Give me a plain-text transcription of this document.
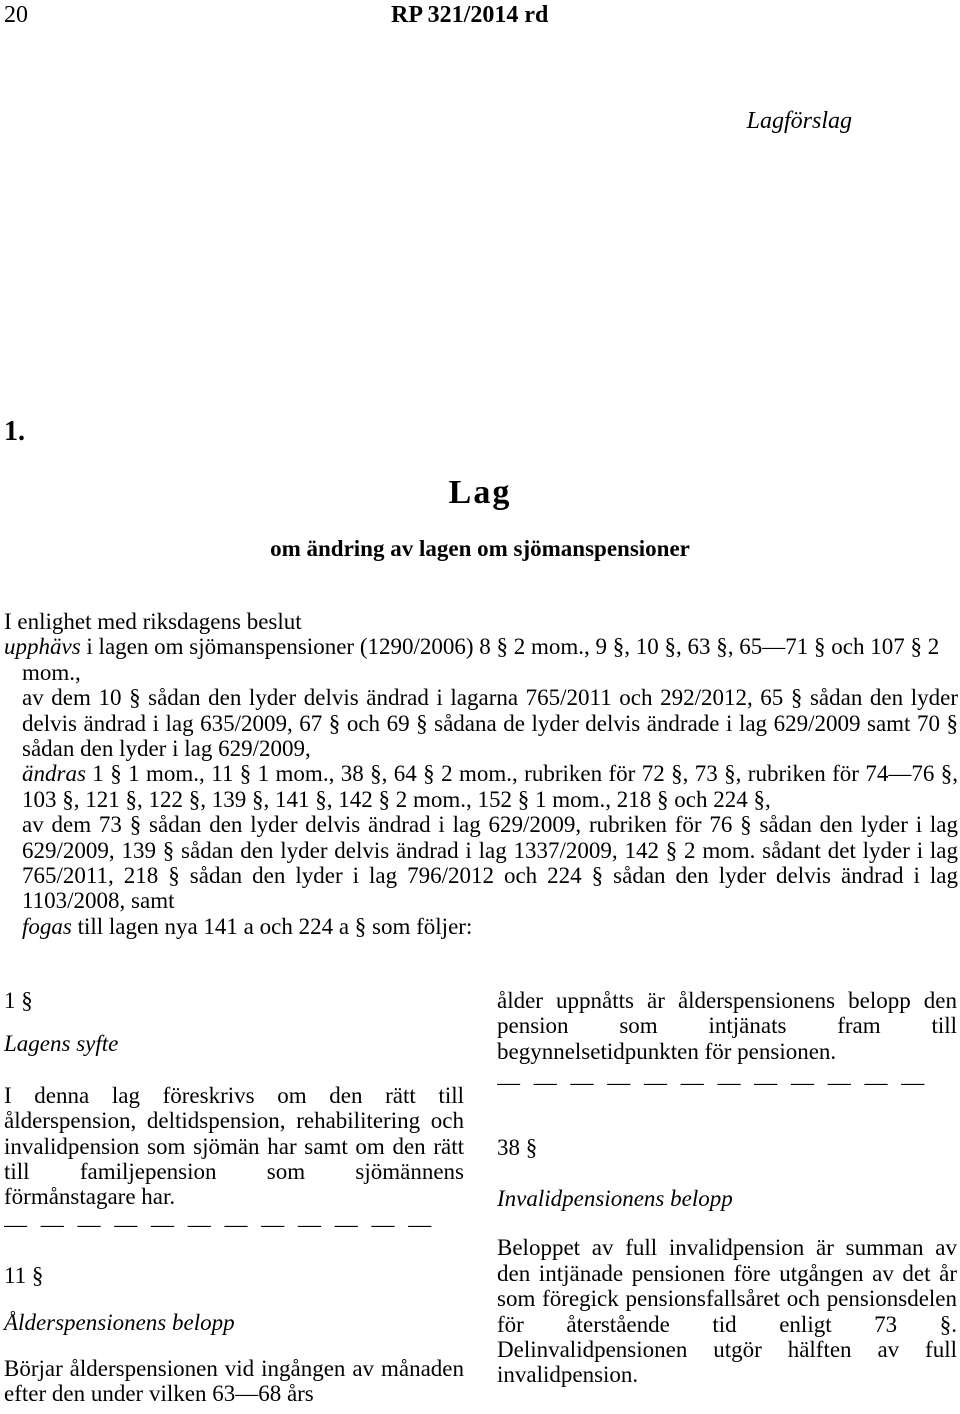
20	RP 321/2014 rd
Lagförslag
1.
Lag
om ändring av lagen om sjömanspensioner

I enlighet med riksdagens beslut

upphävs i lagen om sjömanspensioner (1290/2006) 8 § 2 mom., 9 §, 10 §, 63 §, 65—71 § och 107 § 2 mom.,

av dem 10 § sådan den lyder delvis ändrad i lagarna 765/2011 och 292/2012, 65 § sådan den lyder delvis ändrad i lag 635/2009, 67 § och 69 § sådana de lyder delvis ändrade i lag 629/2009 samt 70 § sådan den lyder i lag 629/2009,

ändras 1 § 1 mom., 11 § 1 mom., 38 §, 64 § 2 mom., rubriken för 72 §, 73 §, rubriken för 74—76 §, 103 §, 121 §, 122 §, 139 §, 141 §, 142 § 2 mom., 152 § 1 mom., 218 § och 224 §,

av dem 73 § sådan den lyder delvis ändrad i lag 629/2009, rubriken för 76 § sådan den lyder i lag 629/2009, 139 § sådan den lyder delvis ändrad i lag 1337/2009, 142 § 2 mom. sådant det lyder i lag 765/2011, 218 § sådan den lyder i lag 796/2012 och 224 § sådan den lyder delvis ändrad i lag 1103/2008, samt

fogas till lagen nya 141 a och 224 a § som följer:

1 §

Lagens syfte

I denna lag föreskrivs om den rätt till ålderspension, deltidspension, rehabilitering och invalidpension som sjömän har samt om den rätt till familjepension som sjömännens förmånstagare har.

— — — — — — — — — — — —

11 §

Ålderspensionens belopp

Börjar ålderspensionen vid ingången av månaden efter den under vilken 63—68 års

ålder uppnåtts är ålderspensionens belopp den pension som intjänats fram till begynnelsetidpunkten för pensionen.

— — — — — — — — — — — —

38 §

Invalidpensionens belopp

Beloppet av full invalidpension är summan av den intjänade pensionen före utgången av det år som föregick pensionsfallsåret och pensionsdelen för återstående tid enligt 73 §. Delinvalidpensionen utgör hälften av full invalidpension.
